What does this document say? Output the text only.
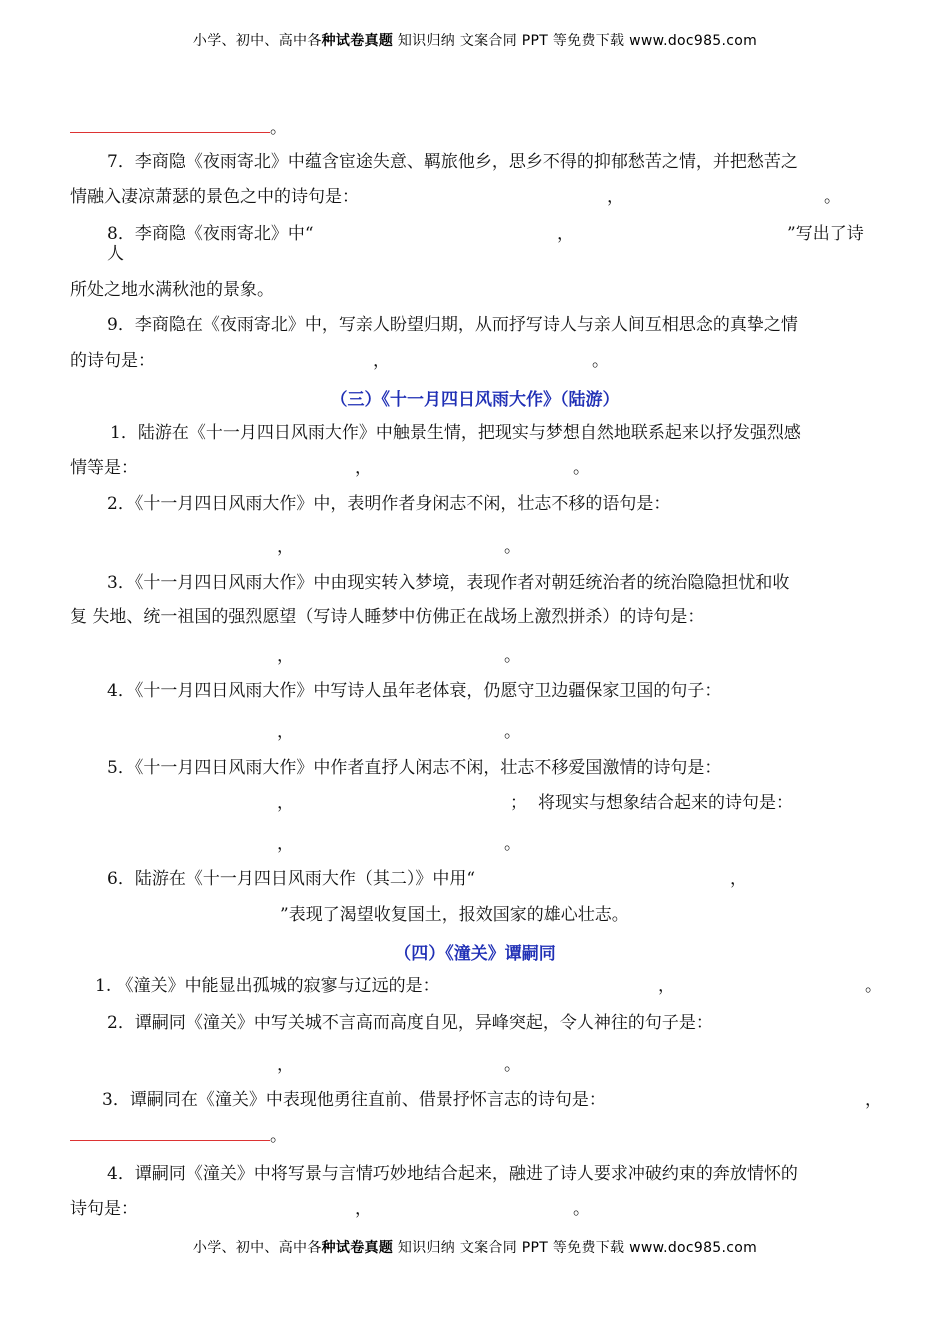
小学、初中、高中各种试卷真题 知识归纳 文案合同 PPT 等免费下载 www.doc985.com
。
7．李商隐《夜雨寄北》中蕴含宦途失意、羁旅他乡，思乡不得的抑郁愁苦之情，并把愁苦之
情融入凄凉萧瑟的景色之中的诗句是：	，	。
8．李商隐《夜雨寄北》中“	，	”写出了诗
人
所处之地水满秋池的景象。
9．李商隐在《夜雨寄北》中，写亲人盼望归期，从而抒写诗人与亲人间互相思念的真挚之情
的诗句是：	，	。
（三）《十一月四日风雨大作》（陆游）
1．陆游在《十一月四日风雨大作》中触景生情，把现实与梦想自然地联系起来以抒发强烈感
情等是：	，	。
2．《十一月四日风雨大作》中，表明作者身闲志不闲，壮志不移的语句是：
，	。
3．《十一月四日风雨大作》中由现实转入梦境，表现作者对朝廷统治者的统治隐隐担忧和收
复 失地、统一祖国的强烈愿望（写诗人睡梦中仿佛正在战场上激烈拼杀）的诗句是：
，	。
4．《十一月四日风雨大作》中写诗人虽年老体衰，仍愿守卫边疆保家卫国的句子：
，	。
5．《十一月四日风雨大作》中作者直抒人闲志不闲，壮志不移爱国激情的诗句是：
，	； 将现实与想象结合起来的诗句是：
，	。
6．陆游在《十一月四日风雨大作（其二）》中用“	，
”表现了渴望收复国土，报效国家的雄心壮志。
（四）《潼关》谭嗣同
1. 《潼关》中能显出孤城的寂寥与辽远的是：	，	。
2．谭嗣同《潼关》中写关城不言高而高度自见，异峰突起，令人神往的句子是：
，	。
3．谭嗣同在《潼关》中表现他勇往直前、借景抒怀言志的诗句是：	，
。
4．谭嗣同《潼关》中将写景与言情巧妙地结合起来，融进了诗人要求冲破约束的奔放情怀的
诗句是：	，	。
小学、初中、高中各种试卷真题 知识归纳 文案合同 PPT 等免费下载 www.doc985.com
